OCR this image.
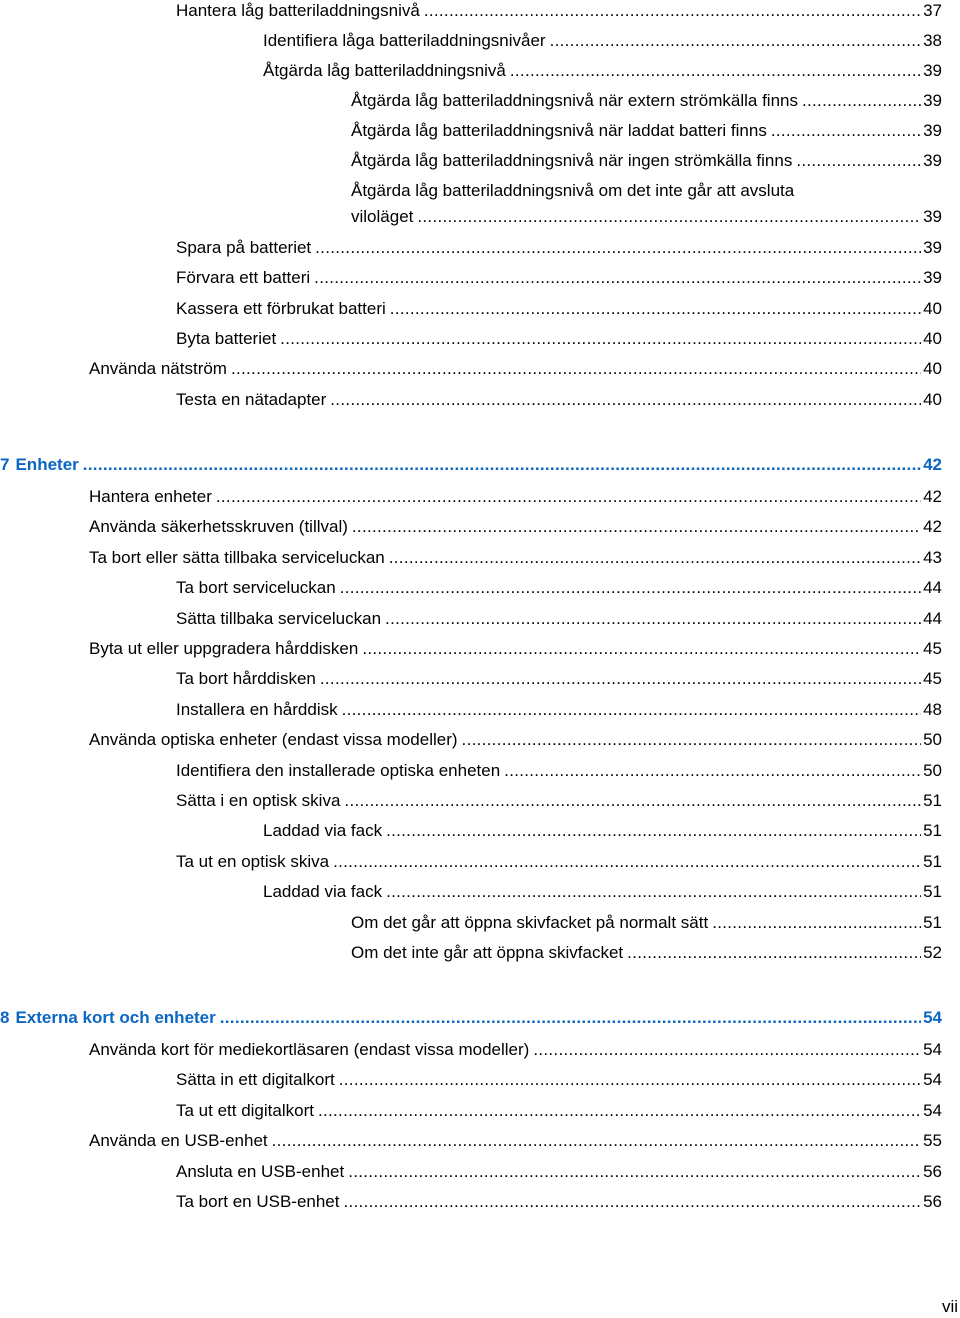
Hantera låg batteriladdningsnivå .....	37
Identifiera låga batteriladdningsnivåer .....	38
Åtgärda låg batteriladdningsnivå .....	39
Åtgärda låg batteriladdningsnivå när extern strömkälla finns .....	39
Åtgärda låg batteriladdningsnivå när laddat batteri finns .....	39
Åtgärda låg batteriladdningsnivå när ingen strömkälla finns .....	39
Åtgärda låg batteriladdningsnivå om det inte går att avsluta
viloläget .....	39
Spara på batteriet .....	39
Förvara ett batteri .....	39
Kassera ett förbrukat batteri .....	40
Byta batteriet .....	40
Använda nätström .....	40
Testa en nätadapter .....	40
7 Enheter .....	42
Hantera enheter .....	42
Använda säkerhetsskruven (tillval) .....	42
Ta bort eller sätta tillbaka serviceluckan .....	43
Ta bort serviceluckan .....	44
Sätta tillbaka serviceluckan .....	44
Byta ut eller uppgradera hårddisken .....	45
Ta bort hårddisken .....	45
Installera en hårddisk .....	48
Använda optiska enheter (endast vissa modeller) .....	50
Identifiera den installerade optiska enheten .....	50
Sätta i en optisk skiva .....	51
Laddad via fack .....	51
Ta ut en optisk skiva .....	51
Laddad via fack .....	51
Om det går att öppna skivfacket på normalt sätt .....	51
Om det inte går att öppna skivfacket .....	52
8 Externa kort och enheter .....	54
Använda kort för mediekortläsaren (endast vissa modeller) .....	54
Sätta in ett digitalkort .....	54
Ta ut ett digitalkort .....	54
Använda en USB-enhet .....	55
Ansluta en USB-enhet .....	56
Ta bort en USB-enhet .....	56
vii
